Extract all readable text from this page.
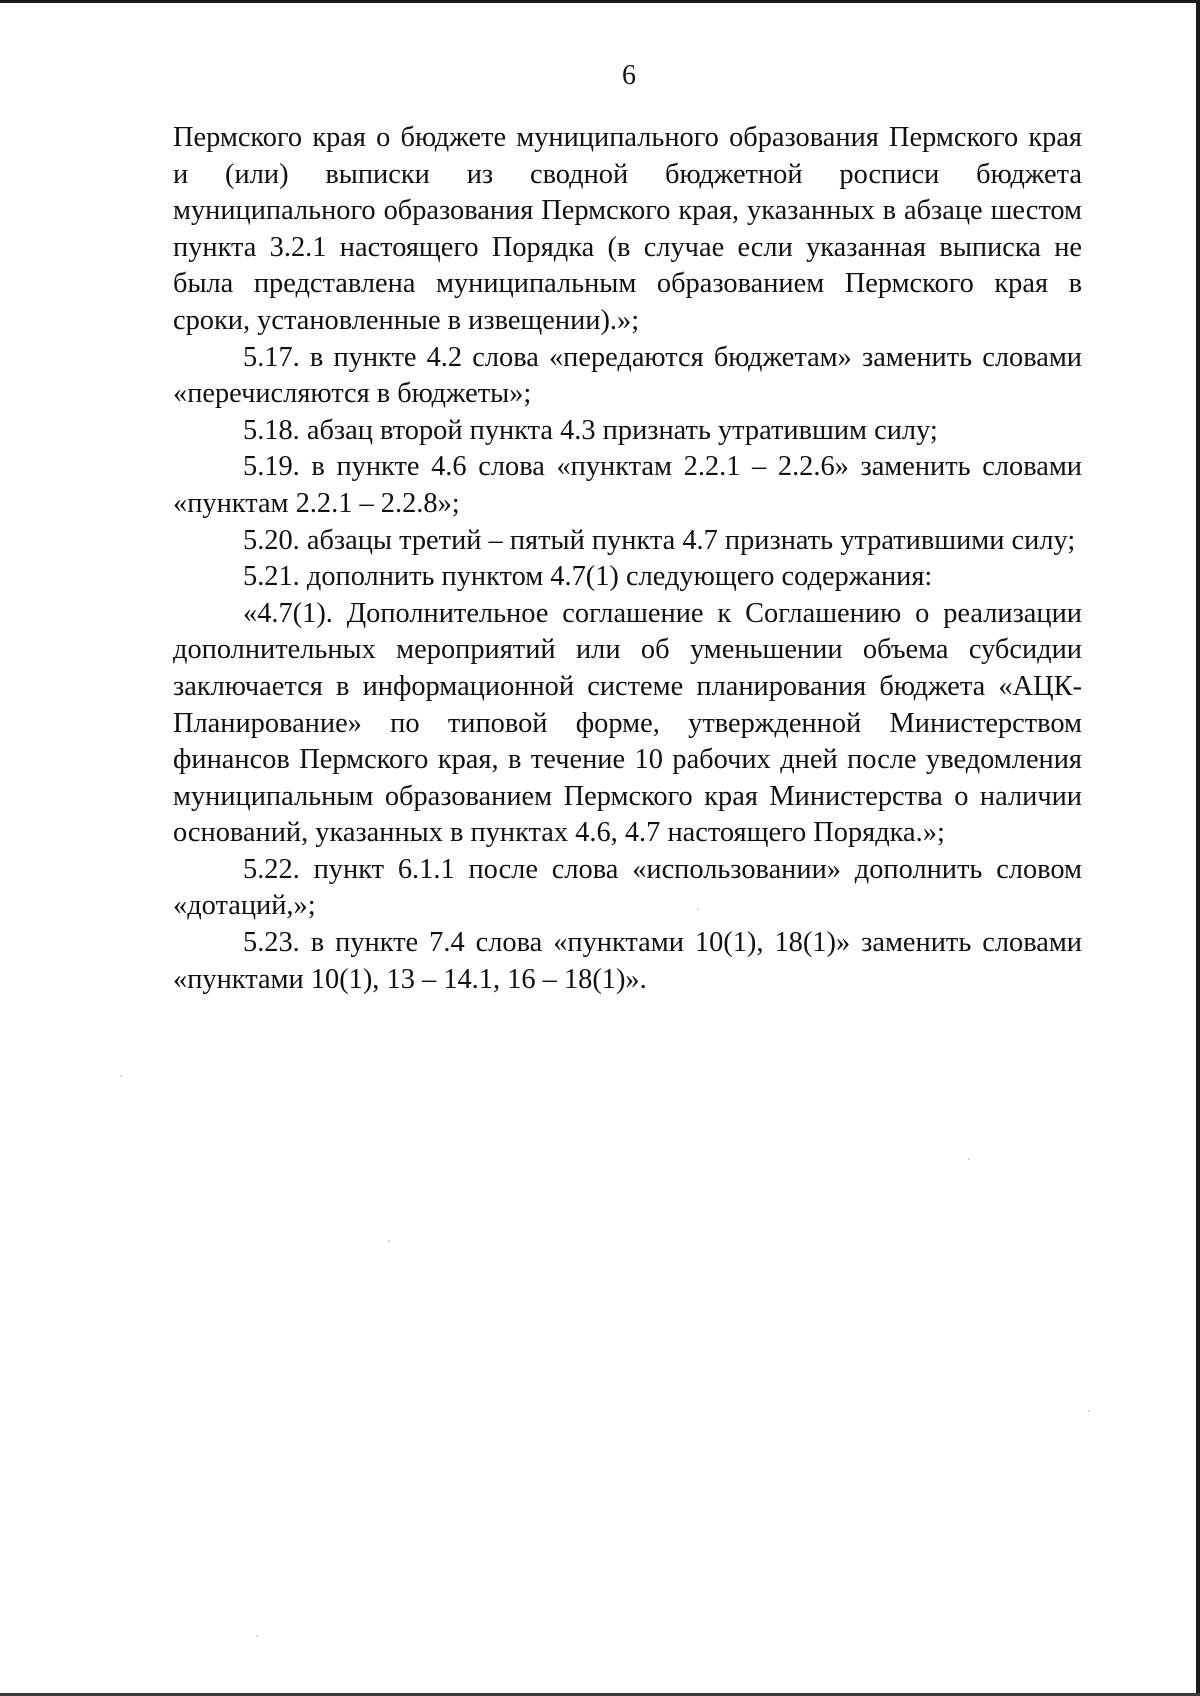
6

Пермского края о бюджете муниципального образования Пермского края и (или) выписки из сводной бюджетной росписи бюджета муниципального образования Пермского края, указанных в абзаце шестом пункта 3.2.1 настоящего Порядка (в случае если указанная выписка не была представлена муниципальным образованием Пермского края в сроки, установленные в извещении).»;

5.17. в пункте 4.2 слова «передаются бюджетам» заменить словами «перечисляются в бюджеты»;

5.18. абзац второй пункта 4.3 признать утратившим силу;

5.19. в пункте 4.6 слова «пунктам 2.2.1 – 2.2.6» заменить словами «пунктам 2.2.1 – 2.2.8»;

5.20. абзацы третий – пятый пункта 4.7 признать утратившими силу;

5.21. дополнить пунктом 4.7(1) следующего содержания:

«4.7(1). Дополнительное соглашение к Соглашению о реализации дополнительных мероприятий или об уменьшении объема субсидии заключается в информационной системе планирования бюджета «АЦК-Планирование» по типовой форме, утвержденной Министерством финансов Пермского края, в течение 10 рабочих дней после уведомления муниципальным образованием Пермского края Министерства о наличии оснований, указанных в пунктах 4.6, 4.7 настоящего Порядка.»;

5.22. пункт 6.1.1 после слова «использовании» дополнить словом «дотаций,»;

5.23. в пункте 7.4 слова «пунктами 10(1), 18(1)» заменить словами «пунктами 10(1), 13 – 14.1, 16 – 18(1)».
